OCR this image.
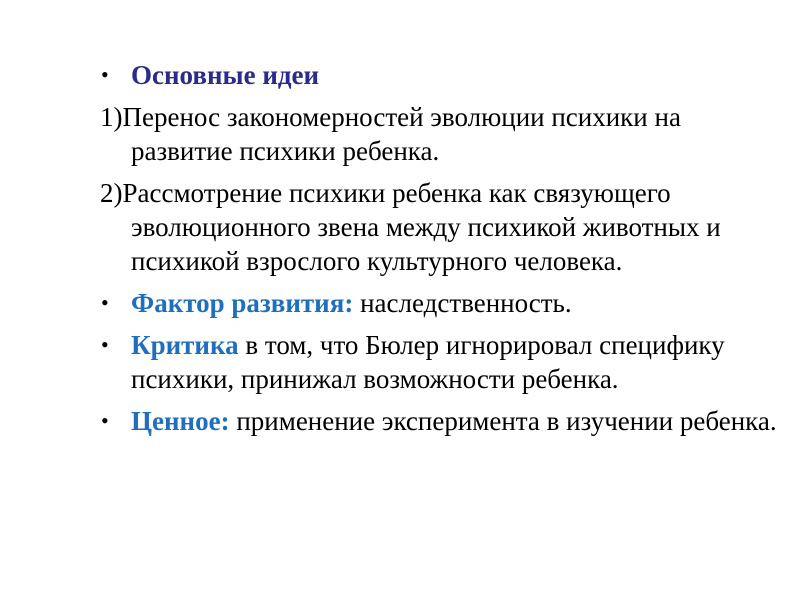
• Основные идеи
1)Перенос закономерностей эволюции психики на развитие психики ребенка.
2)Рассмотрение психики ребенка как связующего эволюционного звена между психикой животных и психикой взрослого культурного человека.
• Фактор развития: наследственность.
• Критика в том, что Бюлер игнорировал специфику психики, принижал возможности ребенка.
• Ценное: применение эксперимента в изучении ребенка.
